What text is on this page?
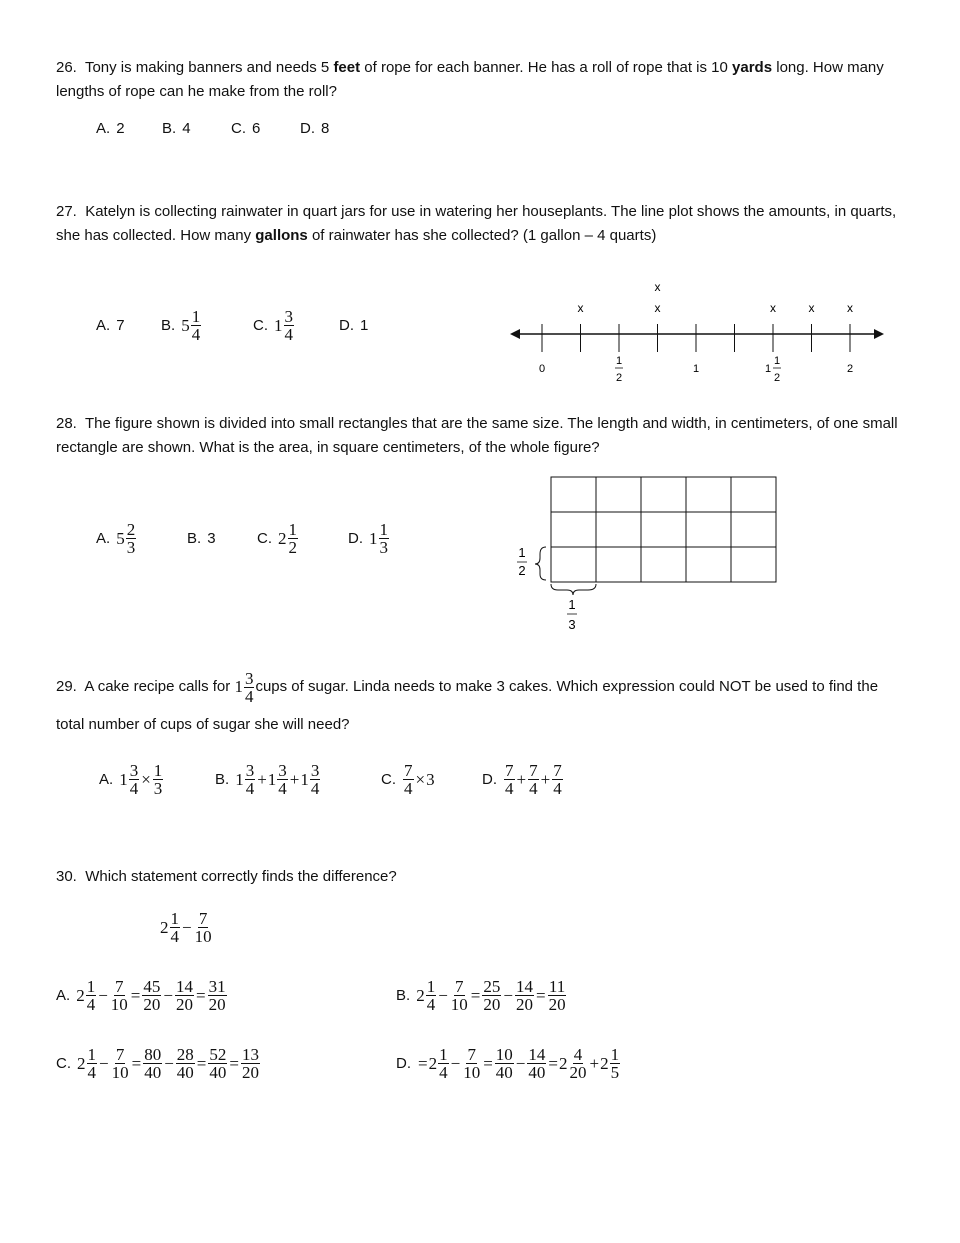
26. Tony is making banners and needs 5 feet of rope for each banner. He has a roll of rope that is 10 yards long. How many lengths of rope can he make from the roll?
A. 2 B. 4	C. 6	D. 8
27. Katelyn is collecting rainwater in quart jars for use in watering her houseplants. The line plot shows the amounts, in quarts, she has collected. How many gallons of rainwater has she collected? (1 gallon – 4 quarts)
A. 7 B. $5 \frac{1}{4}$	C. $1 \frac{3}{4}$	D. 1
x	x
x
x	x	x
0
1
2
1	1
1
2
2
28. The figure shown is divided into small rectangles that are the same size. The length and width, in centimeters, of one small rectangle are shown. What is the area, in square centimeters, of the whole figure?
A. $5 \frac{2}{3}$	B. 3	C. $2 \frac{1}{2}$	D. $1 \frac{1}{3}$	1
2
1
3
29. A cake recipe calls for $1 \frac{3}{4}$ cups of sugar. Linda needs to make 3 cakes. Which expression could NOT be used to find the total number of cups of sugar she will need?
A. $1 \frac{3}{4} \times \frac{1}{3}$	B. $1 \frac{3}{4} + 1 \frac{3}{4} + 1 \frac{3}{4}$	C. $\frac{7}{4} \times 3$	D. $\frac{7}{4} + \frac{7}{4} + \frac{7}{4}$
30. Which statement correctly finds the difference?
$2 \frac{1}{4} - \frac{7}{10}$
A. $2 \frac{1}{4} - \frac{7}{10} = \frac{45}{20} - \frac{14}{20} = \frac{31}{20}$	B. $2 \frac{1}{4} - \frac{7}{10} = \frac{25}{20} - \frac{14}{20} = \frac{11}{20}$
C. $2 \frac{1}{4} - \frac{7}{10} = \frac{80}{40} - \frac{28}{40} = \frac{52}{40} = \frac{13}{20}$	D. = $2 \frac{1}{4} - \frac{7}{10} = \frac{10}{40} - \frac{14}{40} = 2 \frac{4}{20} + 2 \frac{1}{5}$
